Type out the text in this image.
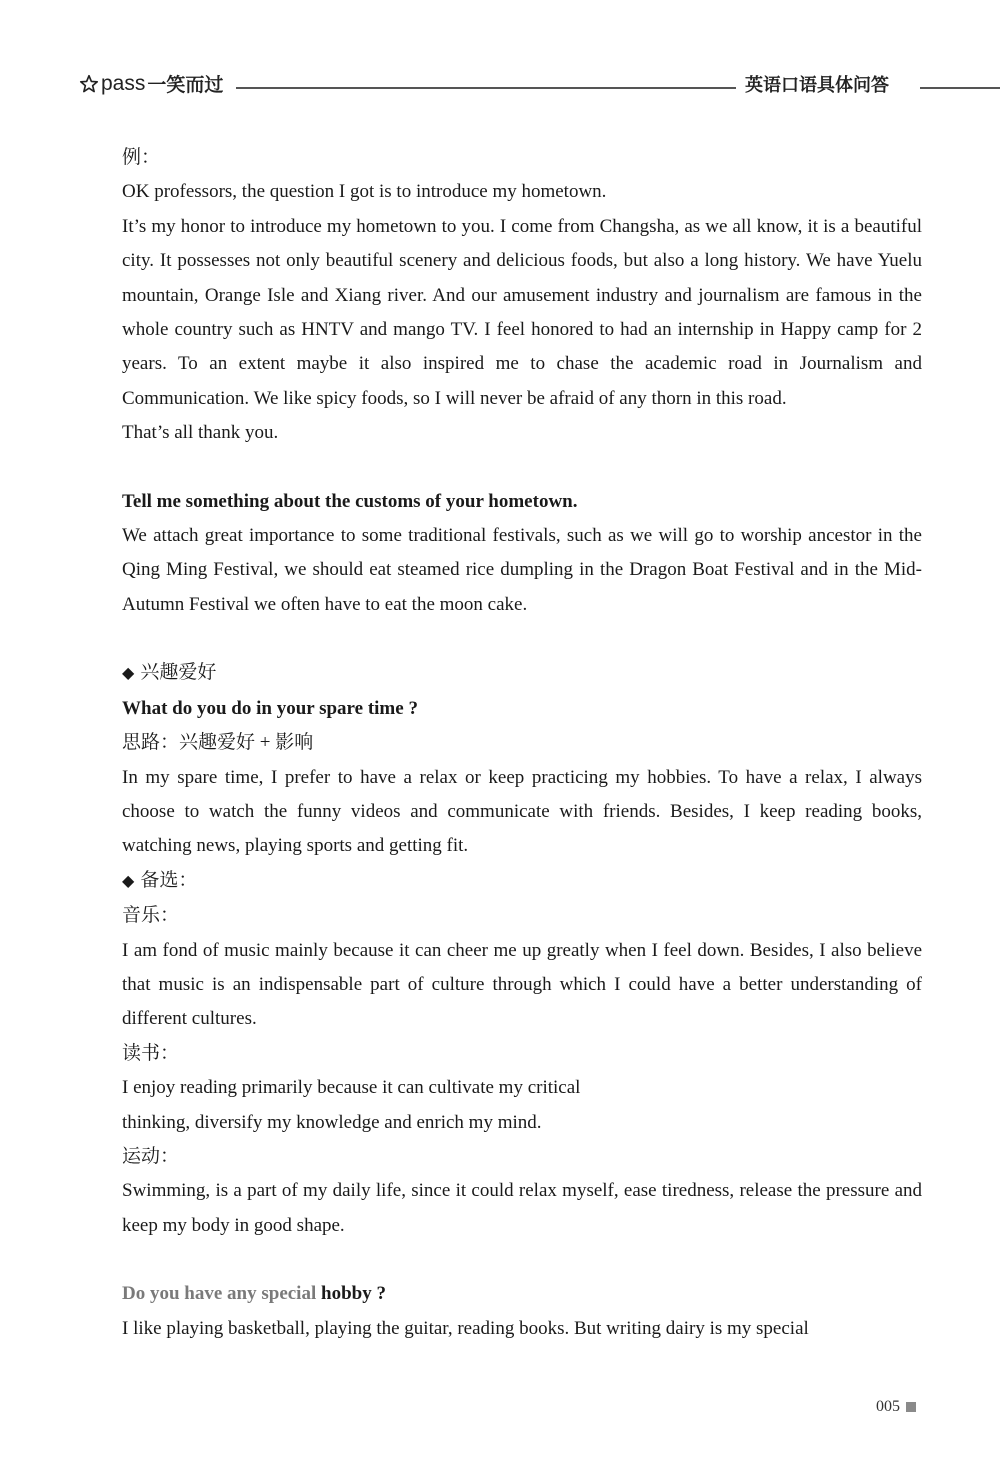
pass 一笑而过	英语口语具体问答

例：

OK professors, the question I got is to introduce my hometown.

It’s my honor to introduce my hometown to you. I come from Changsha, as we all know, it is a beautiful city. It possesses not only beautiful scenery and delicious foods, but also a long history. We have Yuelu mountain, Orange Isle and Xiang river. And our amusement industry and journalism are famous in the whole country such as HNTV and mango TV. I feel honored to had an internship in Happy camp for 2 years. To an extent maybe it also inspired me to chase the academic road in Journalism and Communication. We like spicy foods, so I will never be afraid of any thorn in this road.

That’s all thank you.

Tell me something about the customs of your hometown.

We attach great importance to some traditional festivals, such as we will go to worship ancestor in the Qing Ming Festival, we should eat steamed rice dumpling in the Dragon Boat Festival and in the Mid-Autumn Festival we often have to eat the moon cake.

◆ 兴趣爱好

What do you do in your spare time ?

思路：兴趣爱好 + 影响

In my spare time, I prefer to have a relax or keep practicing my hobbies. To have a relax, I always choose to watch the funny videos and communicate with friends. Besides, I keep reading books, watching news, playing sports and getting fit.

◆ 备选：

音乐：

I am fond of music mainly because it can cheer me up greatly when I feel down. Besides, I also believe that music is an indispensable part of culture through which I could have a better understanding of different cultures.

读书：

I enjoy reading primarily because it can cultivate my critical

thinking, diversify my knowledge and enrich my mind.

运动：

Swimming, is a part of my daily life, since it could relax myself, ease tiredness, release the pressure and keep my body in good shape.

Do you have any special hobby ?

I like playing basketball, playing the guitar, reading books. But writing dairy is my special

005
